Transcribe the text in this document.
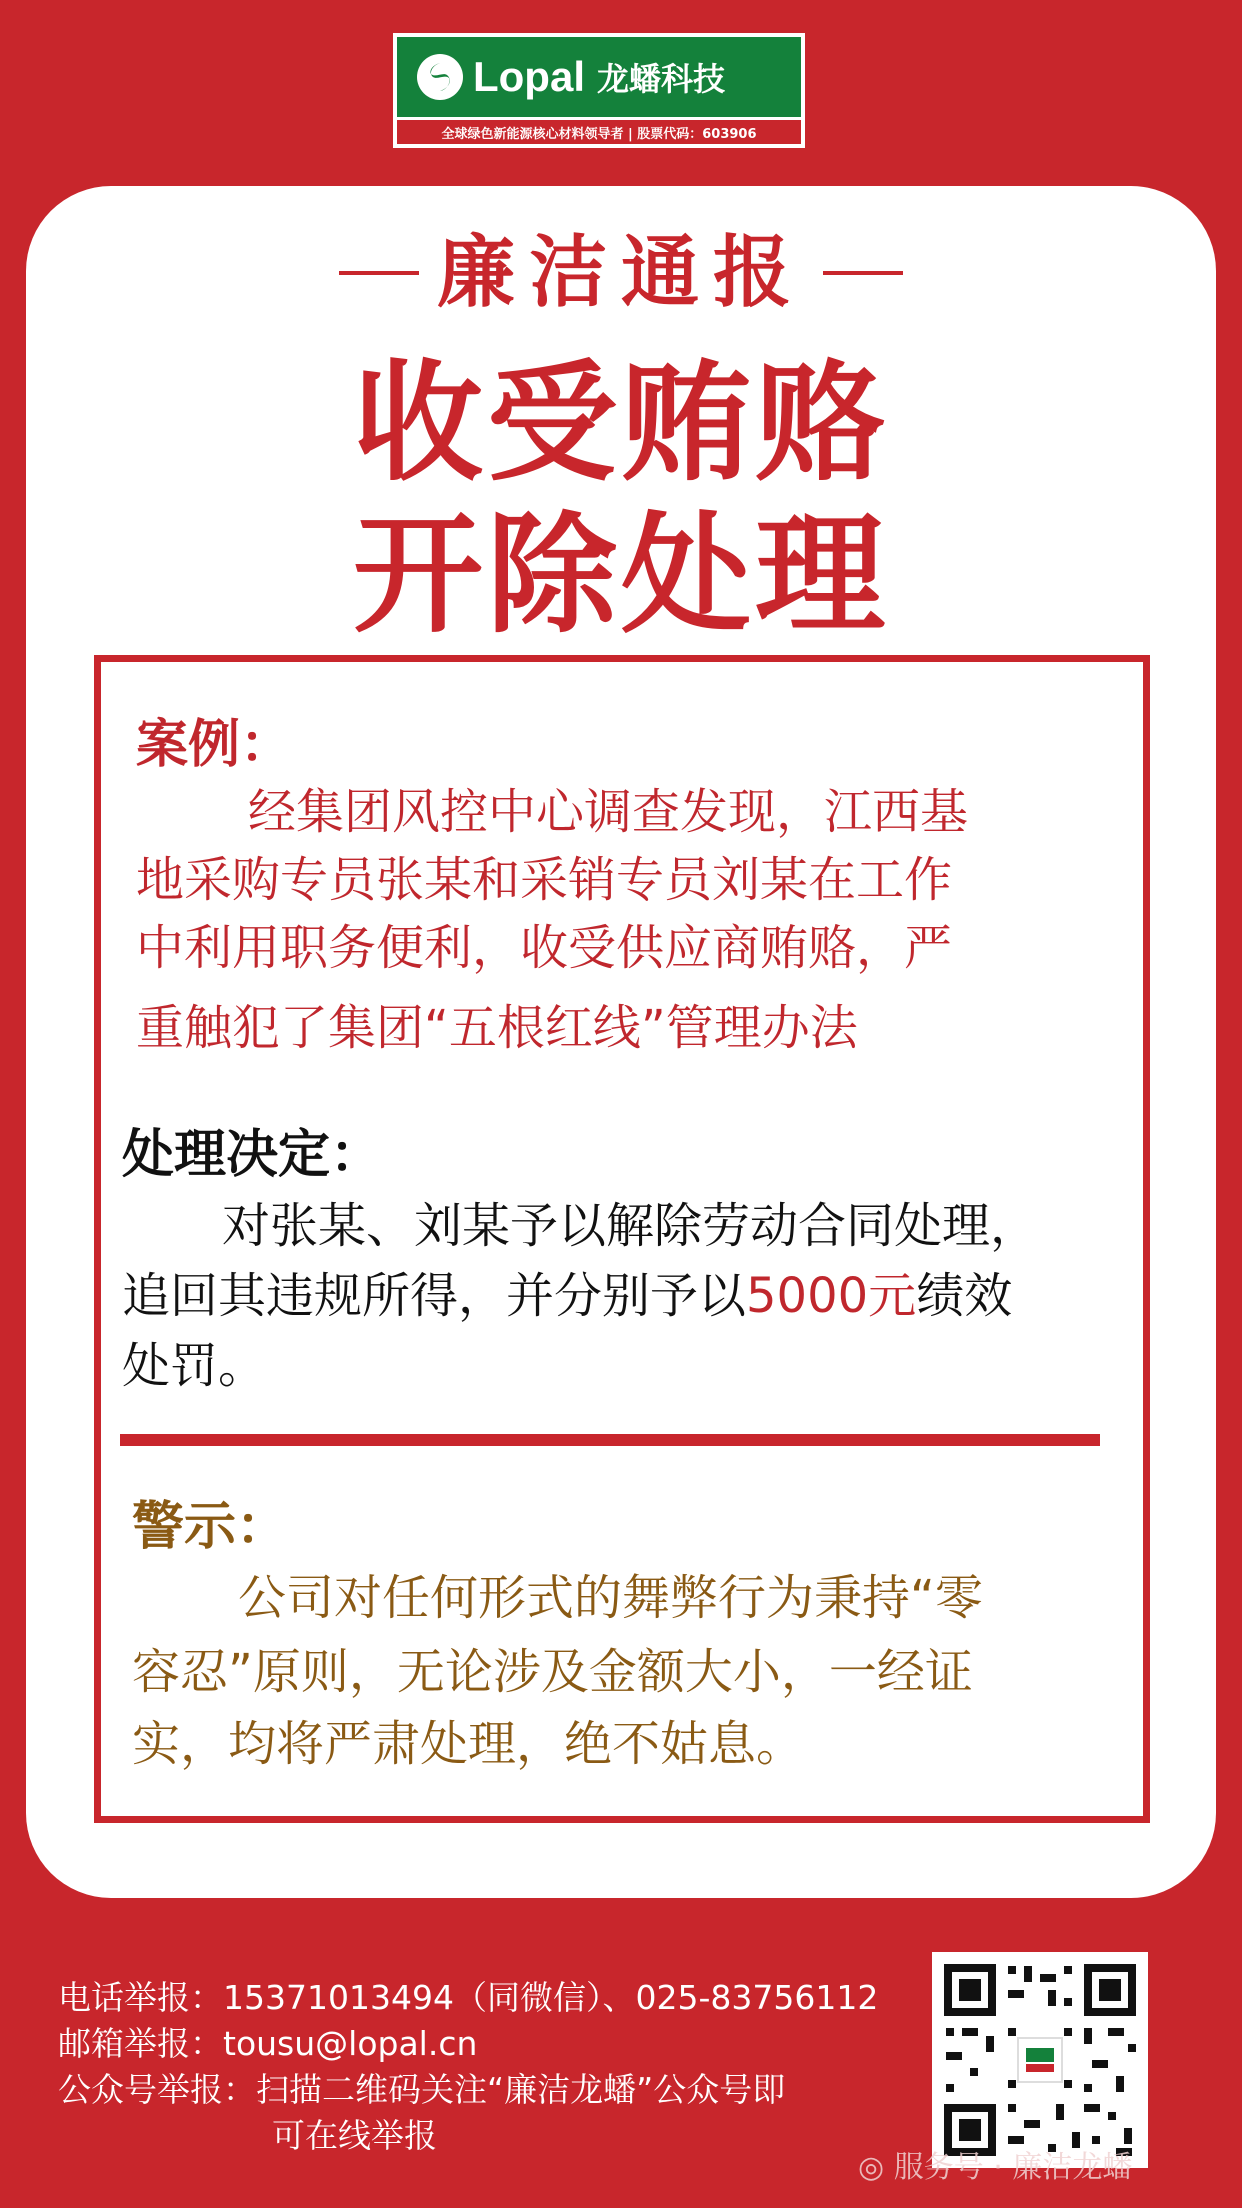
Lopal 龙蟠科技
全球绿色新能源核心材料领导者 | 股票代码：603906
廉洁通报
收受贿赂
开除处理
案例：
经集团风控中心调查发现，江西基
地采购专员张某和采销专员刘某在工作
中利用职务便利，收受供应商贿赂，严
重触犯了集团“五根红线”管理办法
处理决定：
对张某、刘某予以解除劳动合同处理，
追回其违规所得，并分别予以5000元绩效
处罚。
警示：
公司对任何形式的舞弊行为秉持“零
容忍”原则，无论涉及金额大小，一经证
实，均将严肃处理，绝不姑息。
电话举报：15371013494（同微信）、025-83756112
邮箱举报：tousu@lopal.cn
公众号举报：扫描二维码关注“廉洁龙蟠”公众号即
可在线举报
◎ 服务号 · 廉洁龙蟠
